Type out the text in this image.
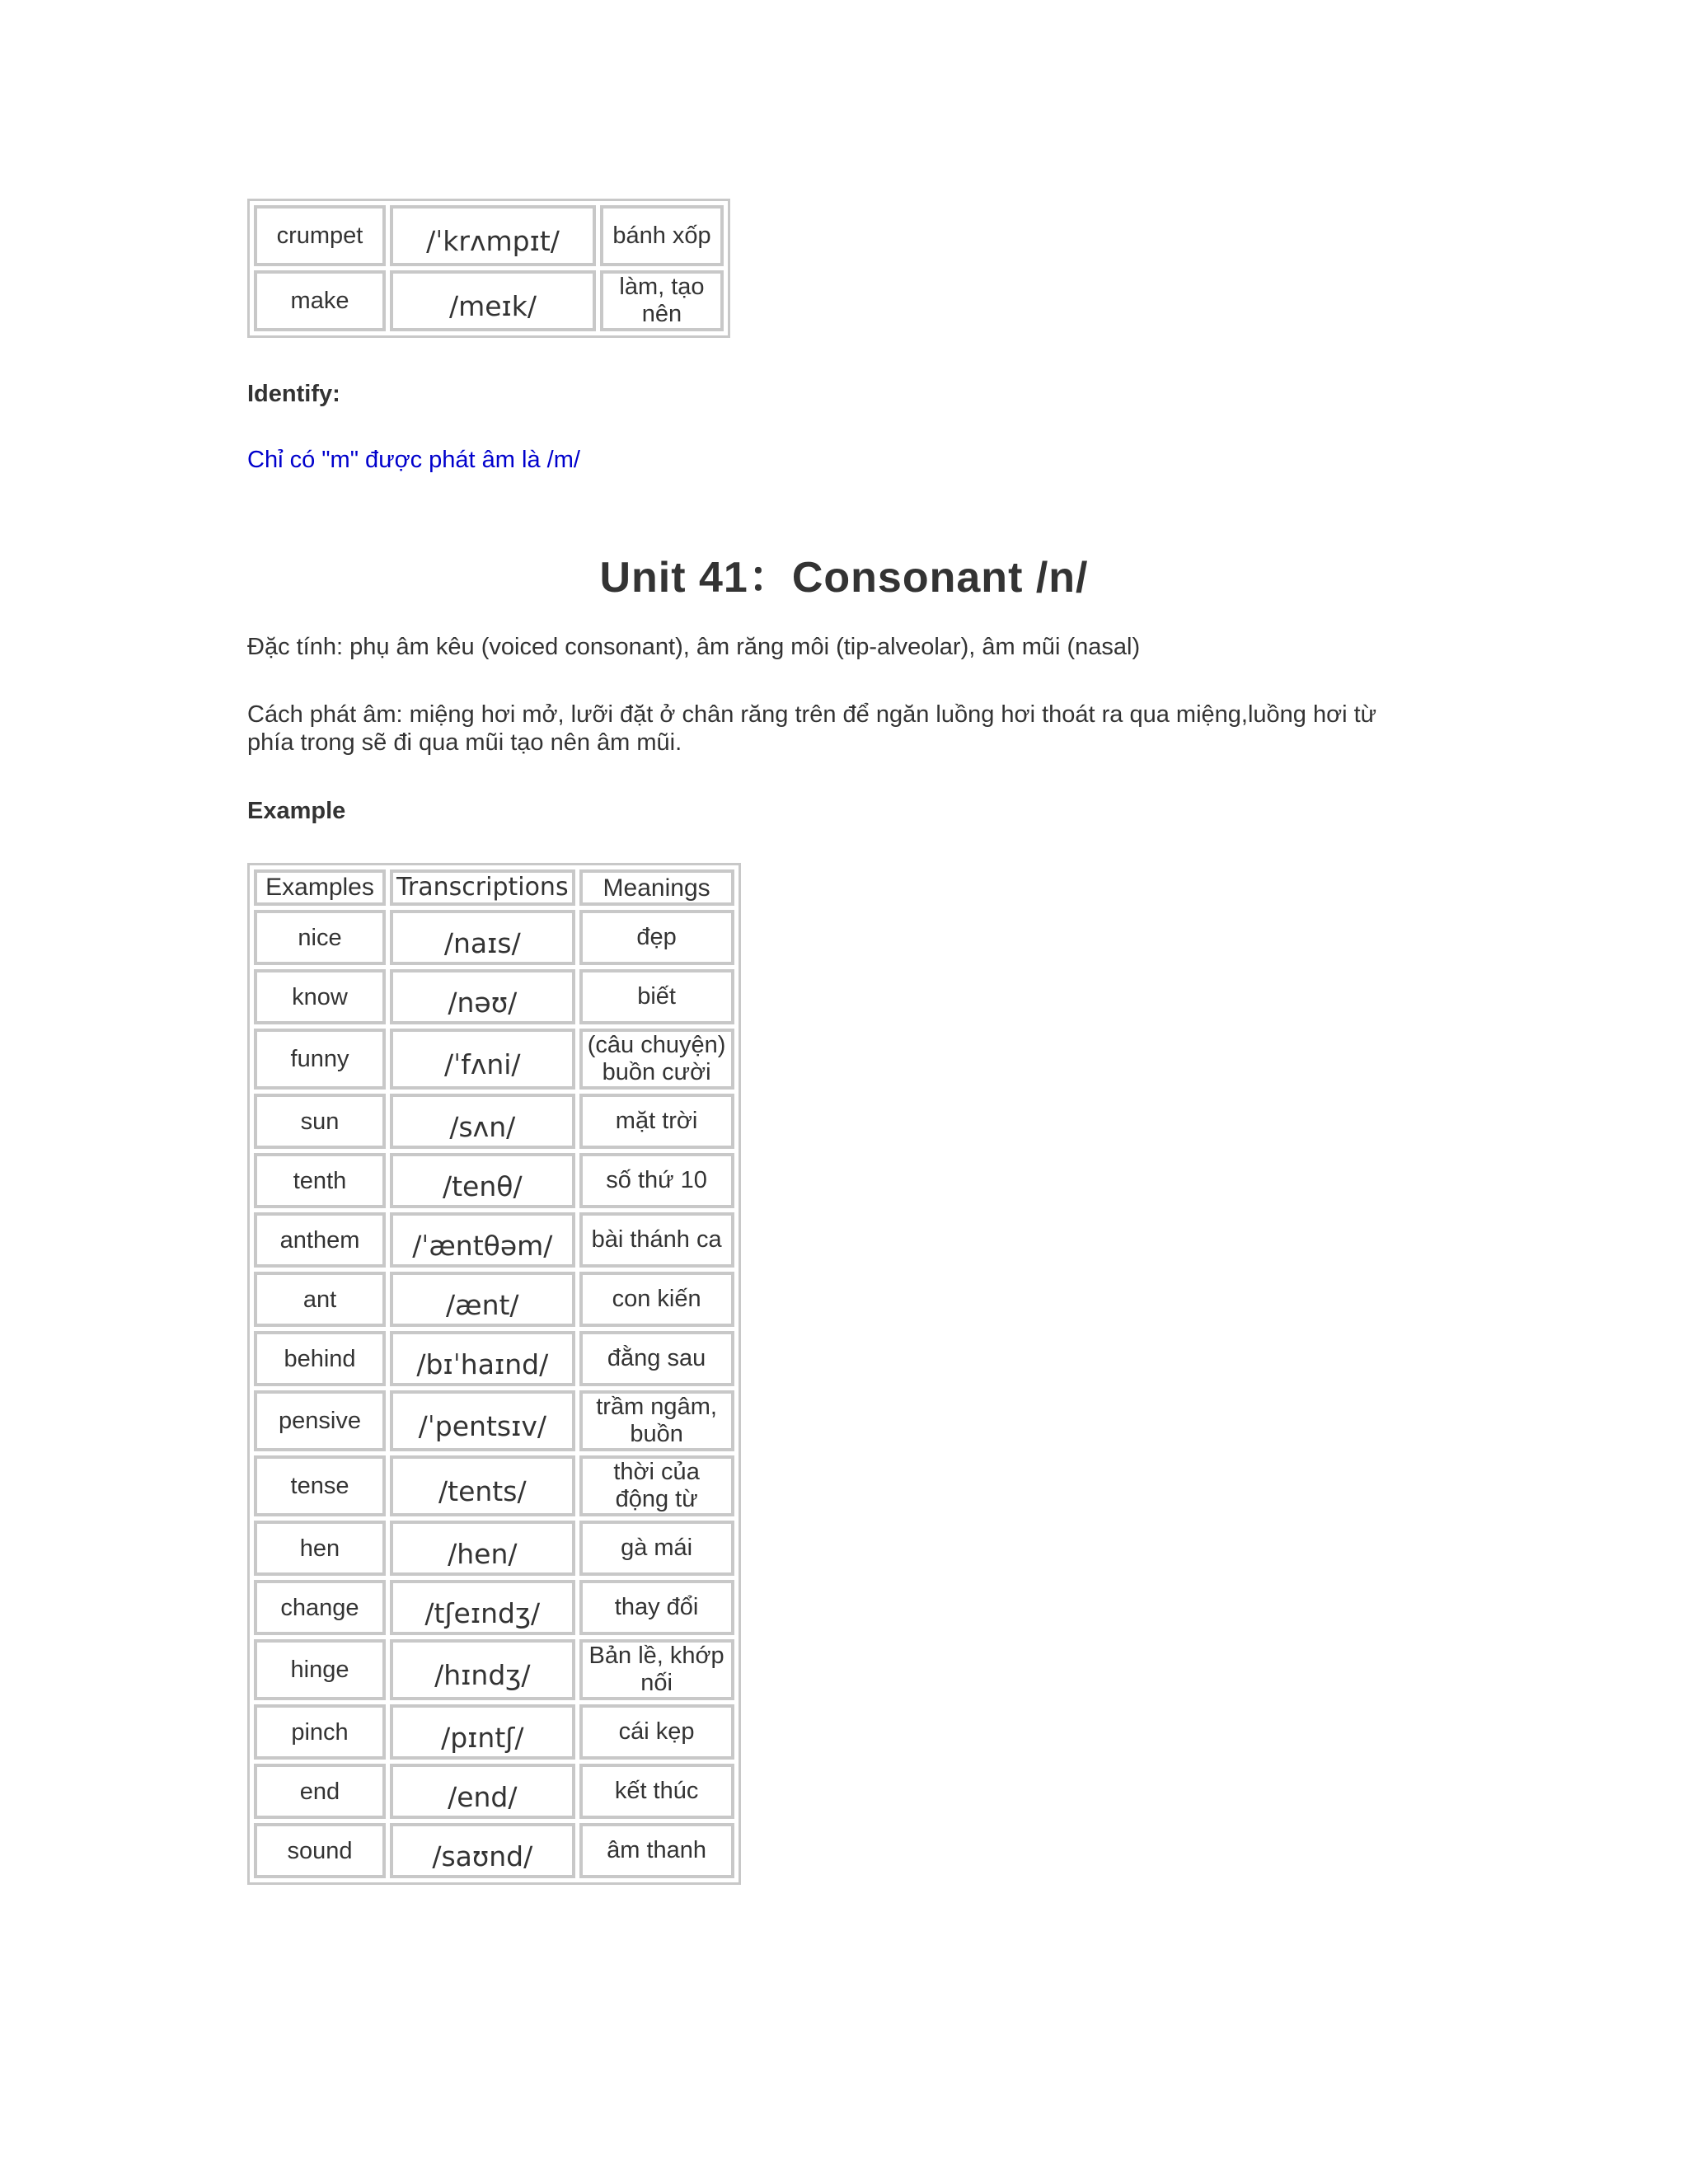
crumpet	/ˈkrʌmpɪt/	bánh xốp
make	/meɪk/	làm, tạo nên
Identify:
Chỉ có "m" được phát âm là /m/
Unit 41：Consonant /n/
Đặc tính: phụ âm kêu (voiced consonant), âm răng môi (tip-alveolar), âm mũi (nasal)
Cách phát âm: miệng hơi mở, lưỡi đặt ở chân răng trên để ngăn luồng hơi thoát ra qua miệng,luồng hơi từ phía trong sẽ đi qua mũi tạo nên âm mũi.
Example
Examples	Transcriptions	Meanings
nice	/naɪs/	đẹp
know	/nəʊ/	biết
funny	/ˈfʌni/	(câu chuyện) buồn cười
sun	/sʌn/	mặt trời
tenth	/tenθ/	số thứ 10
anthem	/ˈæntθəm/	bài thánh ca
ant	/ænt/	con kiến
behind	/bɪˈhaɪnd/	đằng sau
pensive	/ˈpentsɪv/	trầm ngâm, buồn
tense	/tents/	thời của động từ
hen	/hen/	gà mái
change	/tʃeɪndʒ/	thay đổi
hinge	/hɪndʒ/	Bản lề, khớp nối
pinch	/pɪntʃ/	cái kẹp
end	/end/	kết thúc
sound	/saʊnd/	âm thanh
